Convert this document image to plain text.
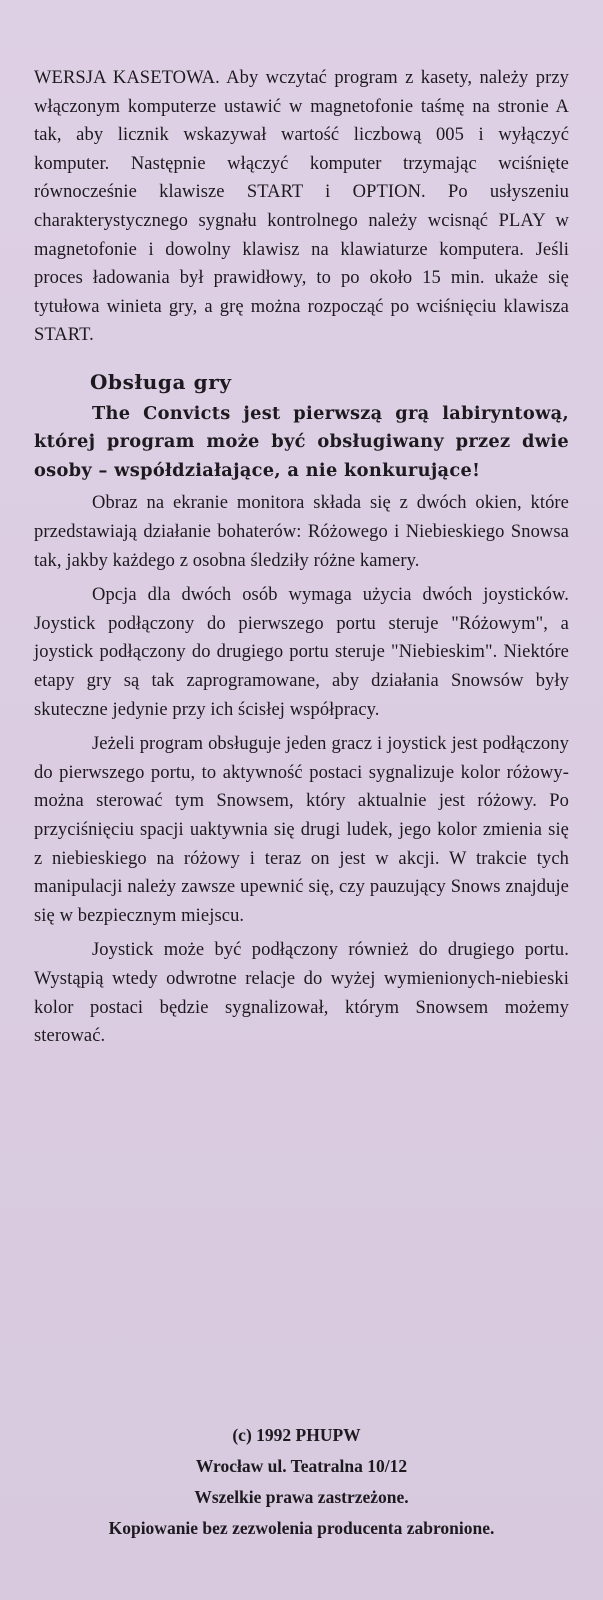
WERSJA KASETOWA. Aby wczytać program z kasety, należy przy włączonym komputerze ustawić w magnetofonie taśmę na stronie A tak, aby licznik wskazywał wartość liczbową 005 i wyłączyć komputer. Następnie włączyć komputer trzymając wciśnięte równocześnie klawisze START i OPTION. Po usłyszeniu charakterystycznego sygnału kontrolnego należy wcisnąć PLAY w magnetofonie i dowolny klawisz na klawiaturze komputera. Jeśli proces ładowania był prawidłowy, to po około 15 min. ukaże się tytułowa winieta gry, a grę można rozpocząć po wciśnięciu klawisza START.

Obsługa gry

The Convicts jest pierwszą grą labiryntową, której program może być obsługiwany przez dwie osoby – współdziałające, a nie konkurujące!

Obraz na ekranie monitora składa się z dwóch okien, które przedstawiają działanie bohaterów: Różowego i Niebieskiego Snowsa tak, jakby każdego z osobna śledziły różne kamery.

Opcja dla dwóch osób wymaga użycia dwóch joysticków. Joystick podłączony do pierwszego portu steruje "Różowym", a joystick podłączony do drugiego portu steruje "Niebieskim". Niektóre etapy gry są tak zaprogramowane, aby działania Snowsów były skuteczne jedynie przy ich ścisłej współpracy.

Jeżeli program obsługuje jeden gracz i joystick jest podłączony do pierwszego portu, to aktywność postaci sygnalizuje kolor różowy-można sterować tym Snowsem, który aktualnie jest różowy. Po przyciśnięciu spacji uaktywnia się drugi ludek, jego kolor zmienia się z niebieskiego na różowy i teraz on jest w akcji. W trakcie tych manipulacji należy zawsze upewnić się, czy pauzujący Snows znajduje się w bezpiecznym miejscu.

Joystick może być podłączony również do drugiego portu. Wystąpią wtedy odwrotne relacje do wyżej wymienionych-niebieski kolor postaci będzie sygnalizował, którym Snowsem możemy sterować.

(c) 1992 PHUPW
Wrocław ul. Teatralna 10/12
Wszelkie prawa zastrzeżone.
Kopiowanie bez zezwolenia producenta zabronione.
